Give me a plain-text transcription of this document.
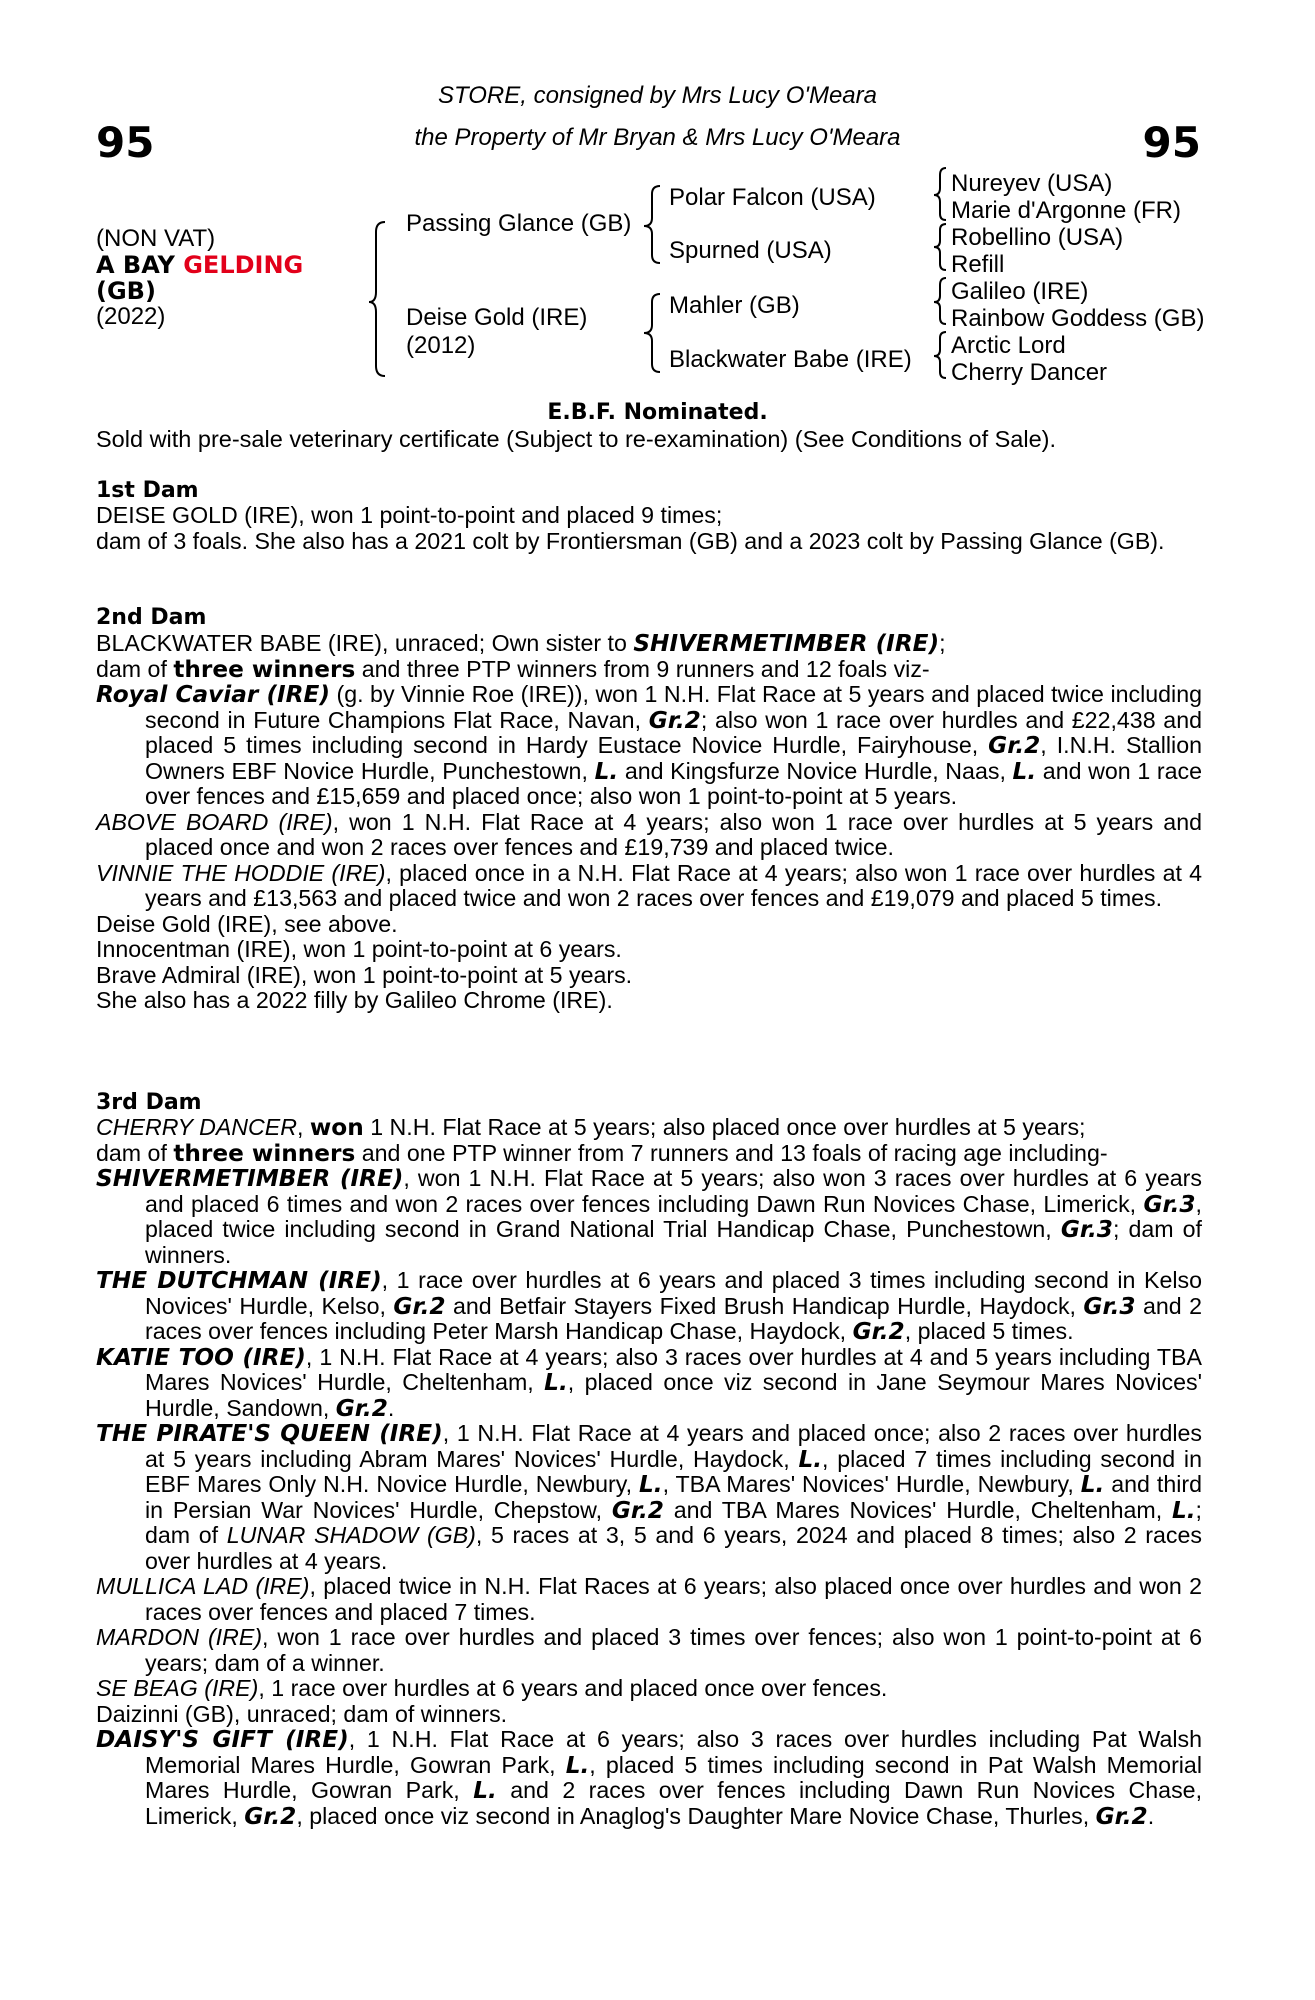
95	95
STORE, consigned by Mrs Lucy O'Meara
the Property of Mr Bryan & Mrs Lucy O'Meara
(NON VAT)
A BAY GELDING
(GB)
(2022)
Passing Glance (GB)
Deise Gold (IRE)
(2012)
Polar Falcon (USA)
Spurned (USA)
Mahler (GB)
Blackwater Babe (IRE)
Nureyev (USA)
Marie d'Argonne (FR)
Robellino (USA)
Refill
Galileo (IRE)
Rainbow Goddess (GB)
Arctic Lord
Cherry Dancer
E.B.F. Nominated.
Sold with pre-sale veterinary certificate (Subject to re-examination) (See Conditions of Sale).
1st Dam

DEISE GOLD (IRE), won 1 point-to-point and placed 9 times;

dam of 3 foals. She also has a 2021 colt by Frontiersman (GB) and a 2023 colt by Passing Glance (GB).

2nd Dam

BLACKWATER BABE (IRE), unraced; Own sister to SHIVERMETIMBER (IRE);

dam of three winners and three PTP winners from 9 runners and 12 foals viz-

Royal Caviar (IRE) (g. by Vinnie Roe (IRE)), won 1 N.H. Flat Race at 5 years and placed twice including second in Future Champions Flat Race, Navan, Gr.2; also won 1 race over hurdles and £22,438 and placed 5 times including second in Hardy Eustace Novice Hurdle, Fairyhouse, Gr.2, I.N.H. Stallion Owners EBF Novice Hurdle, Punchestown, L. and Kingsfurze Novice Hurdle, Naas, L. and won 1 race over fences and £15,659 and placed once; also won 1 point-to-point at 5 years.

ABOVE BOARD (IRE), won 1 N.H. Flat Race at 4 years; also won 1 race over hurdles at 5 years and placed once and won 2 races over fences and £19,739 and placed twice.

VINNIE THE HODDIE (IRE), placed once in a N.H. Flat Race at 4 years; also won 1 race over hurdles at 4 years and £13,563 and placed twice and won 2 races over fences and £19,079 and placed 5 times.

Deise Gold (IRE), see above.

Innocentman (IRE), won 1 point-to-point at 6 years.

Brave Admiral (IRE), won 1 point-to-point at 5 years.

She also has a 2022 filly by Galileo Chrome (IRE).

3rd Dam

CHERRY DANCER, won 1 N.H. Flat Race at 5 years; also placed once over hurdles at 5 years;

dam of three winners and one PTP winner from 7 runners and 13 foals of racing age including-

SHIVERMETIMBER (IRE), won 1 N.H. Flat Race at 5 years; also won 3 races over hurdles at 6 years and placed 6 times and won 2 races over fences including Dawn Run Novices Chase, Limerick, Gr.3, placed twice including second in Grand National Trial Handicap Chase, Punchestown, Gr.3; dam of winners.

THE DUTCHMAN (IRE), 1 race over hurdles at 6 years and placed 3 times including second in Kelso Novices' Hurdle, Kelso, Gr.2 and Betfair Stayers Fixed Brush Handicap Hurdle, Haydock, Gr.3 and 2 races over fences including Peter Marsh Handicap Chase, Haydock, Gr.2, placed 5 times.

KATIE TOO (IRE), 1 N.H. Flat Race at 4 years; also 3 races over hurdles at 4 and 5 years including TBA Mares Novices' Hurdle, Cheltenham, L., placed once viz second in Jane Seymour Mares Novices' Hurdle, Sandown, Gr.2.

THE PIRATE'S QUEEN (IRE), 1 N.H. Flat Race at 4 years and placed once; also 2 races over hurdles at 5 years including Abram Mares' Novices' Hurdle, Haydock, L., placed 7 times including second in EBF Mares Only N.H. Novice Hurdle, Newbury, L., TBA Mares' Novices' Hurdle, Newbury, L. and third in Persian War Novices' Hurdle, Chepstow, Gr.2 and TBA Mares Novices' Hurdle, Cheltenham, L.; dam of LUNAR SHADOW (GB), 5 races at 3, 5 and 6 years, 2024 and placed 8 times; also 2 races over hurdles at 4 years.

MULLICA LAD (IRE), placed twice in N.H. Flat Races at 6 years; also placed once over hurdles and won 2 races over fences and placed 7 times.

MARDON (IRE), won 1 race over hurdles and placed 3 times over fences; also won 1 point-to-point at 6 years; dam of a winner.

SE BEAG (IRE), 1 race over hurdles at 6 years and placed once over fences.

Daizinni (GB), unraced; dam of winners.

DAISY'S GIFT (IRE), 1 N.H. Flat Race at 6 years; also 3 races over hurdles including Pat Walsh Memorial Mares Hurdle, Gowran Park, L., placed 5 times including second in Pat Walsh Memorial Mares Hurdle, Gowran Park, L. and 2 races over fences including Dawn Run Novices Chase, Limerick, Gr.2, placed once viz second in Anaglog's Daughter Mare Novice Chase, Thurles, Gr.2.
